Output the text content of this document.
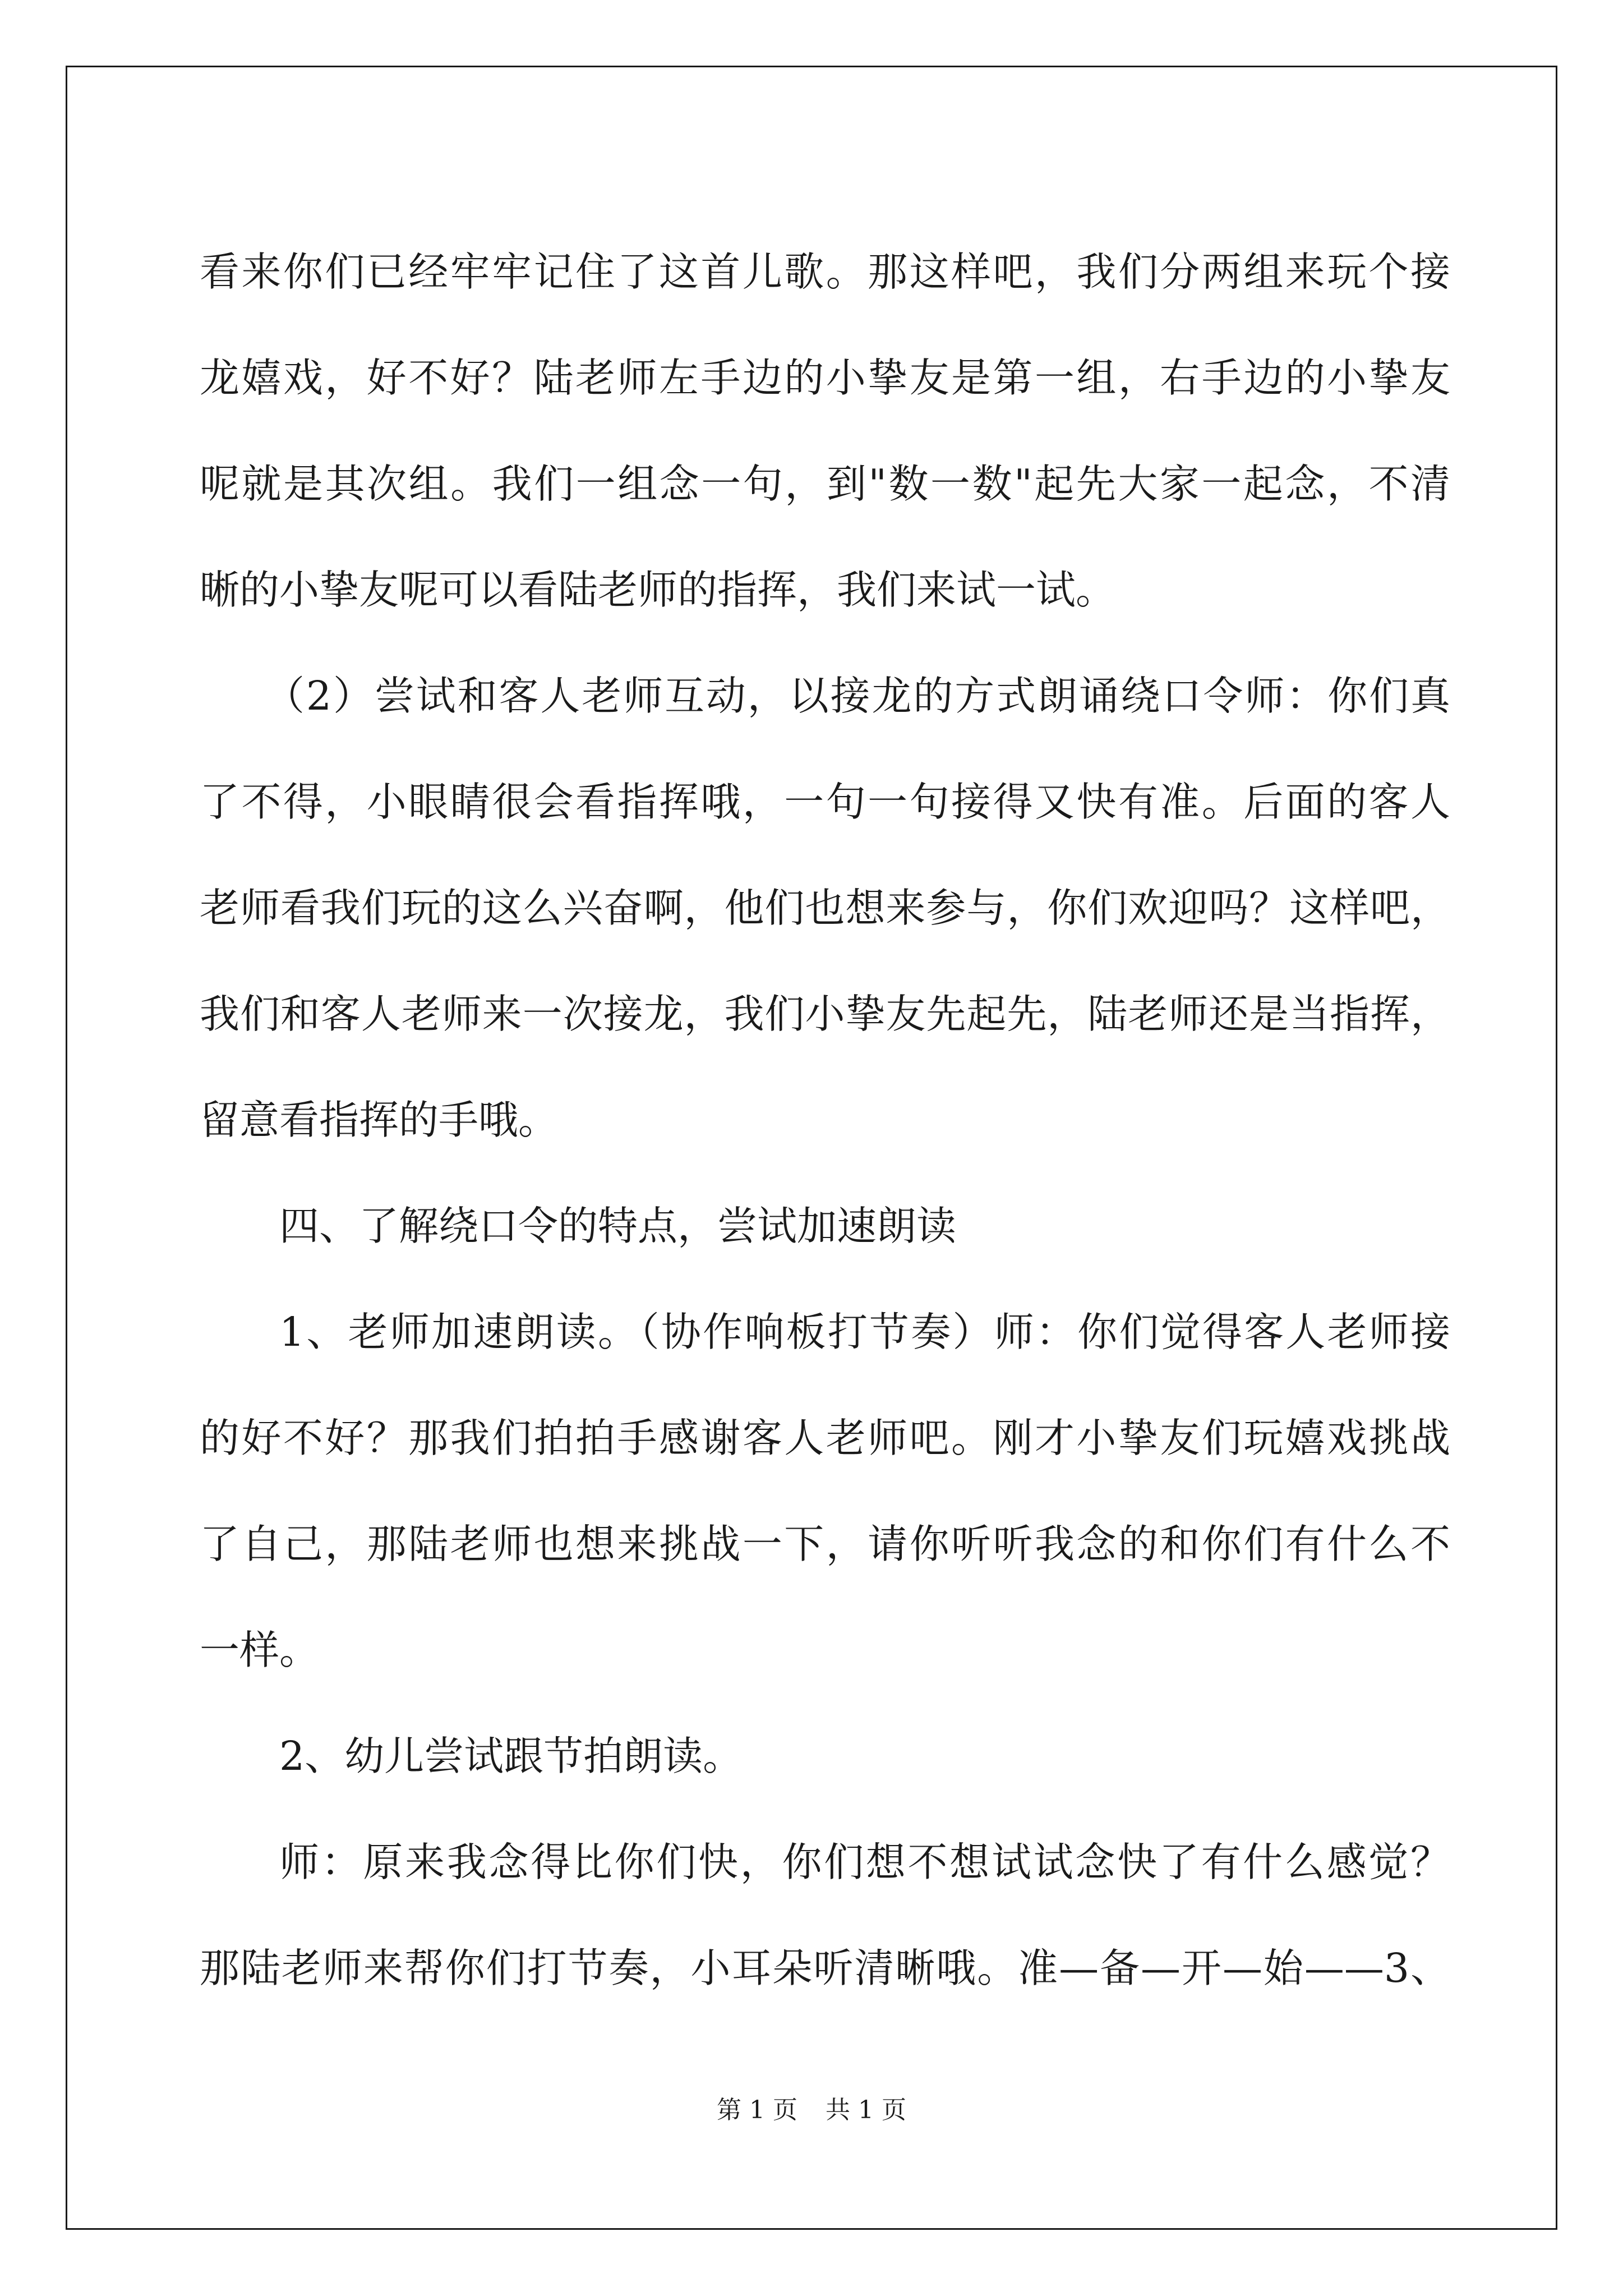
看来你们已经牢牢记住了这首儿歌。那这样吧，我们分两组来玩个接
龙嬉戏，好不好？陆老师左手边的小挚友是第一组，右手边的小挚友
呢就是其次组。我们一组念一句，到"数一数"起先大家一起念，不清
晰的小挚友呢可以看陆老师的指挥，我们来试一试。
（2）尝试和客人老师互动，以接龙的方式朗诵绕口令师：你们真
了不得，小眼睛很会看指挥哦，一句一句接得又快有准。后面的客人
老师看我们玩的这么兴奋啊，他们也想来参与，你们欢迎吗？这样吧，
我们和客人老师来一次接龙，我们小挚友先起先，陆老师还是当指挥，
留意看指挥的手哦。
四、了解绕口令的特点，尝试加速朗读
1、老师加速朗读。（协作响板打节奏）师：你们觉得客人老师接
的好不好？那我们拍拍手感谢客人老师吧。刚才小挚友们玩嬉戏挑战
了自己，那陆老师也想来挑战一下，请你听听我念的和你们有什么不
一样。
2、幼儿尝试跟节拍朗读。
师：原来我念得比你们快，你们想不想试试念快了有什么感觉？
那陆老师来帮你们打节奏，小耳朵听清晰哦。准—备—开—始——3、
第 1 页 共 1 页
